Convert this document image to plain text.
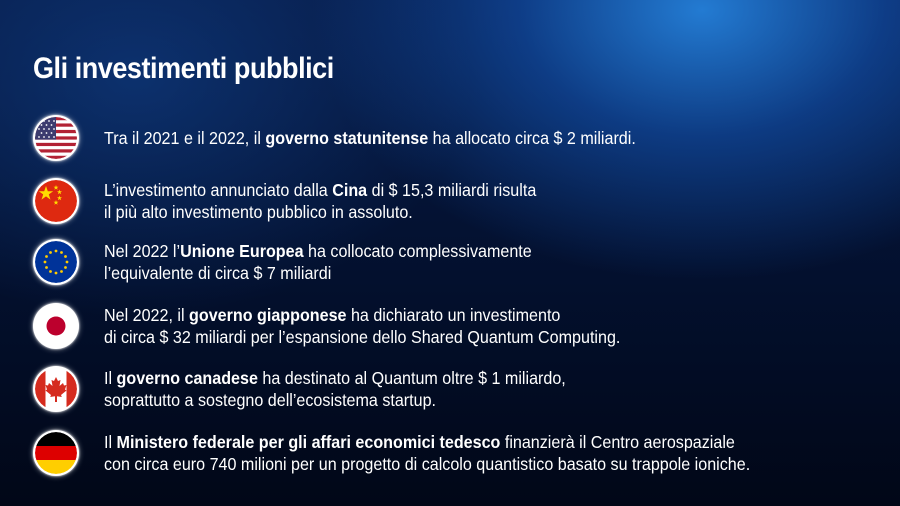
Gli investimenti pubblici
Tra il 2021 e il 2022, il governo statunitense ha allocato circa $ 2 miliardi.
L’investimento annunciato dalla Cina di $ 15,3 miliardi risulta
il più alto investimento pubblico in assoluto.
Nel 2022 l’Unione Europea ha collocato complessivamente
l’equivalente di circa $ 7 miliardi
Nel 2022, il governo giapponese ha dichiarato un investimento
di circa $ 32 miliardi per l’espansione dello Shared Quantum Computing.
Il governo canadese ha destinato al Quantum oltre $ 1 miliardo,
soprattutto a sostegno dell’ecosistema startup.
Il Ministero federale per gli affari economici tedesco finanzierà il Centro aerospaziale
con circa euro 740 milioni per un progetto di calcolo quantistico basato su trappole ioniche.
